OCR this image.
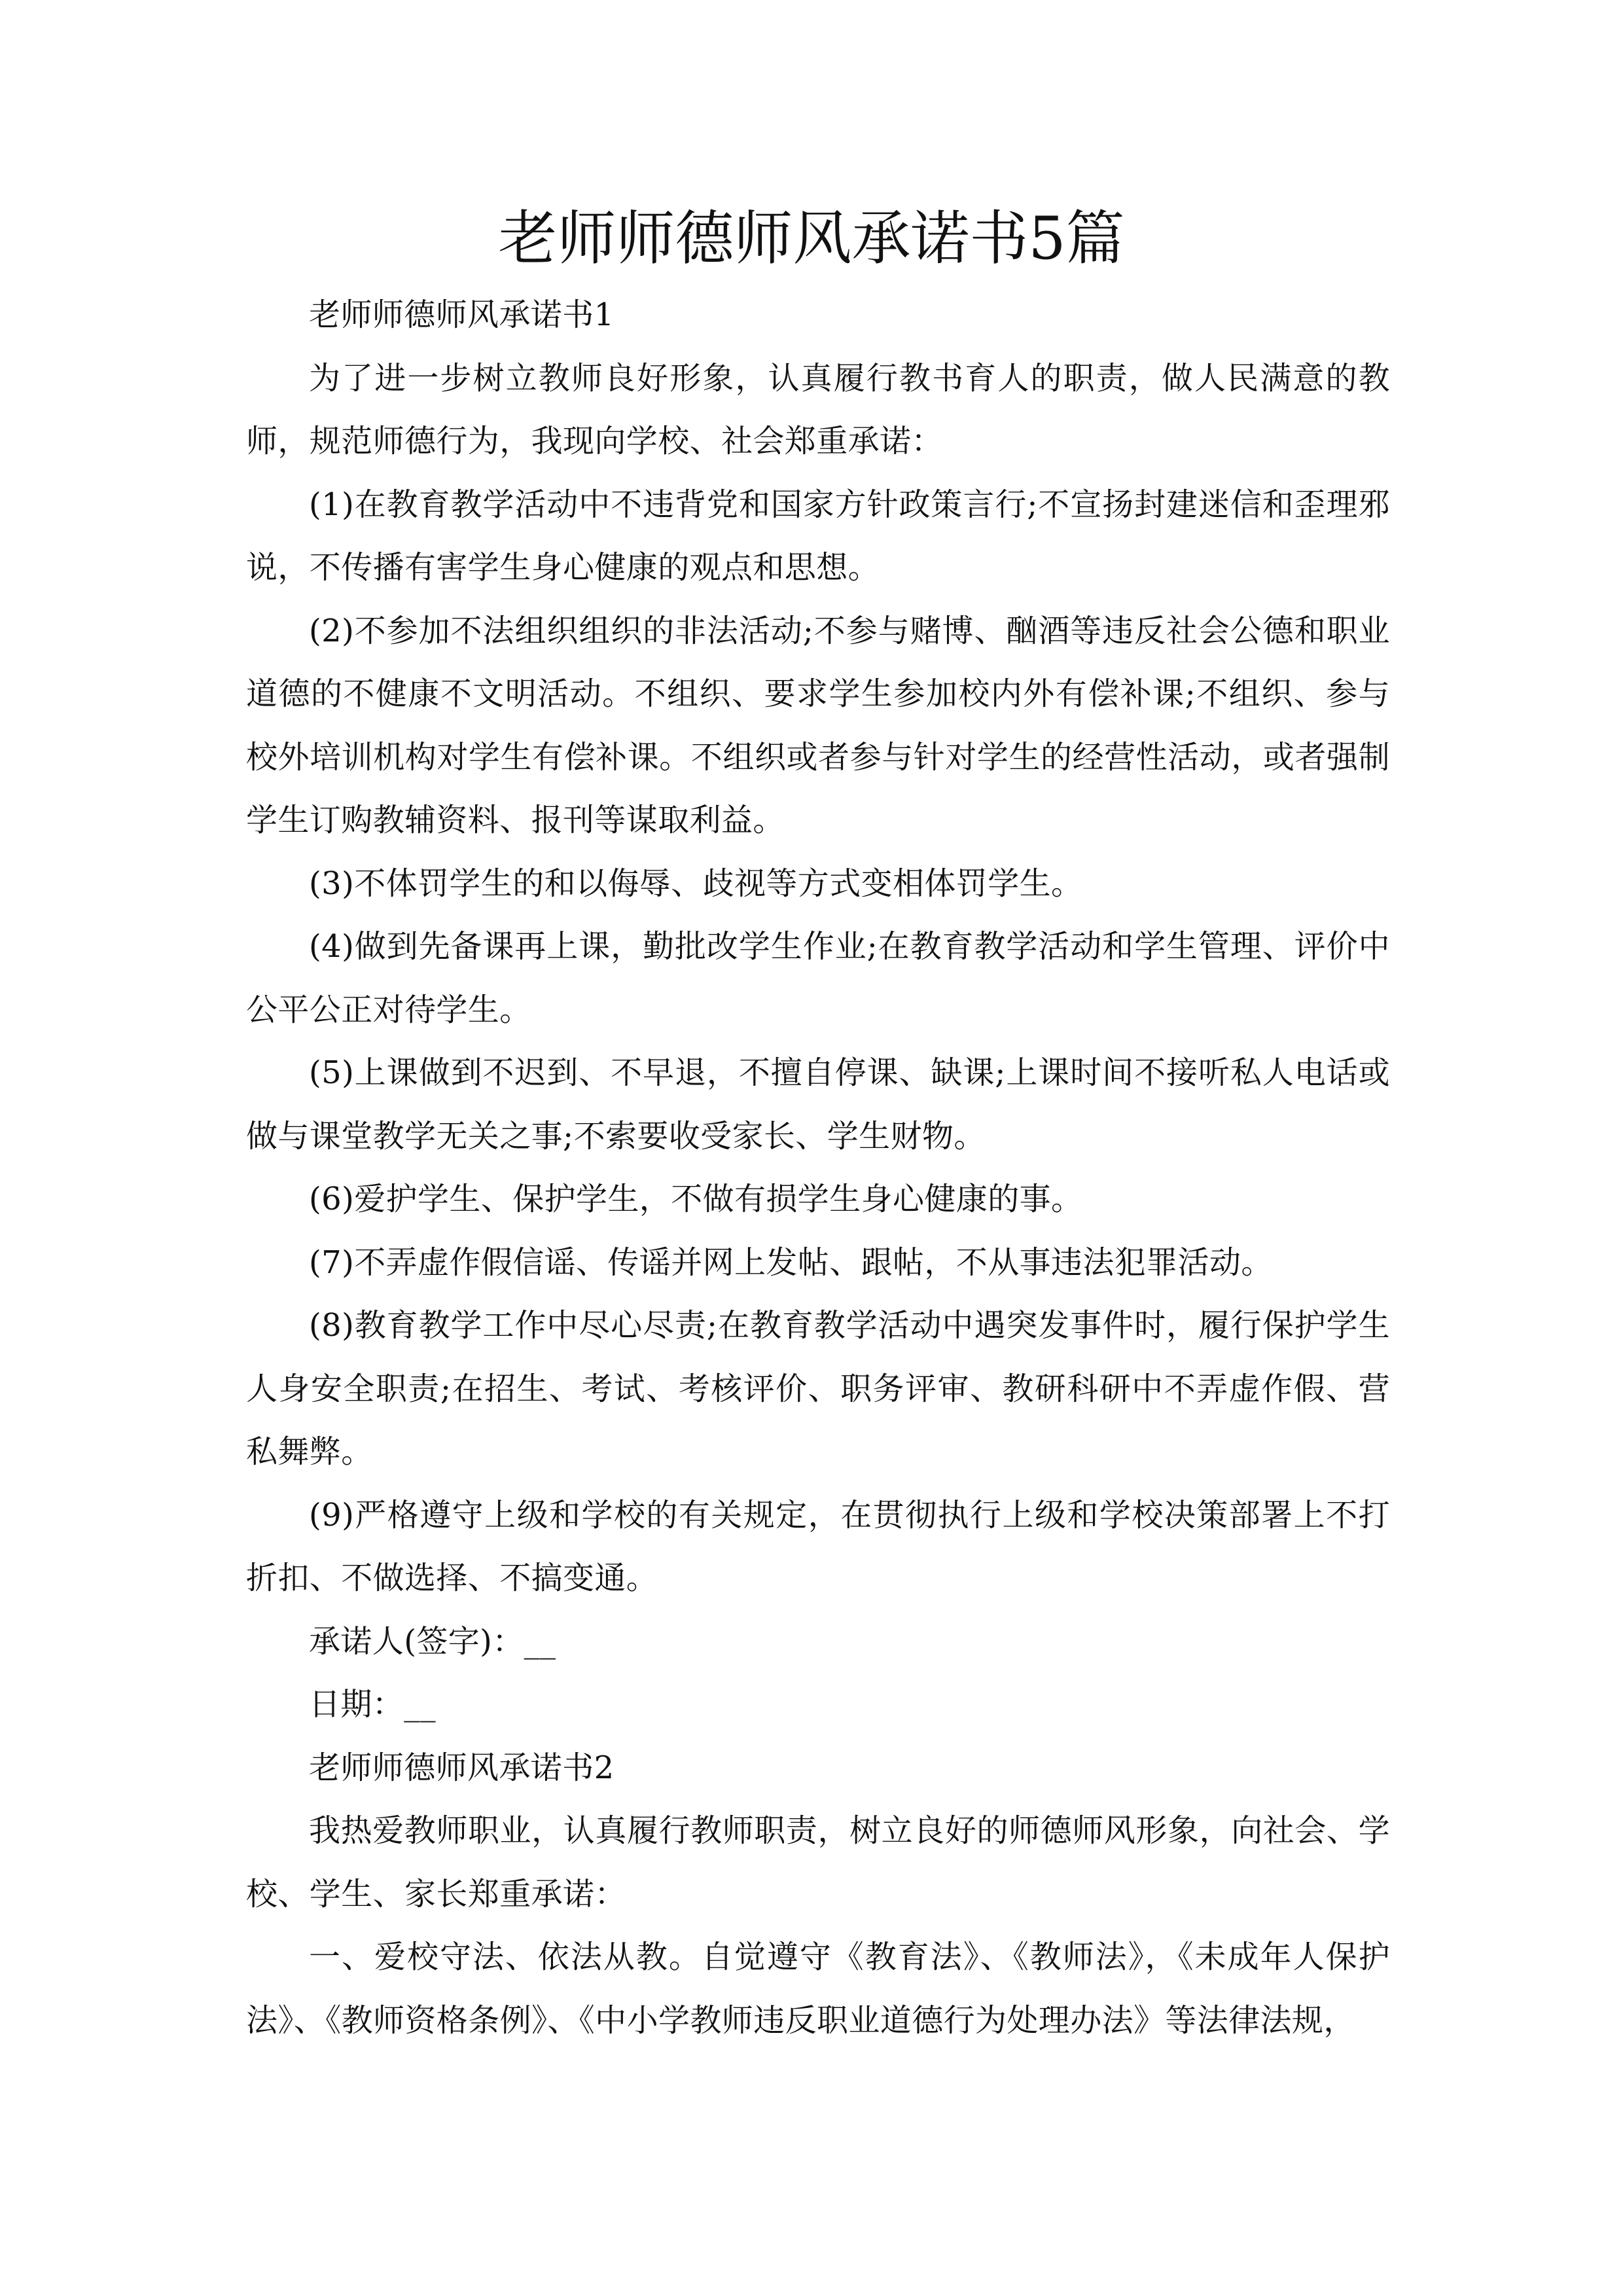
老师师德师风承诺书5篇

老师师德师风承诺书1

为了进一步树立教师良好形象，认真履行教书育人的职责，做人民满意的教师，规范师德行为，我现向学校、社会郑重承诺：

(1)在教育教学活动中不违背党和国家方针政策言行;不宣扬封建迷信和歪理邪说，不传播有害学生身心健康的观点和思想。

(2)不参加不法组织组织的非法活动;不参与赌博、酗酒等违反社会公德和职业道德的不健康不文明活动。不组织、要求学生参加校内外有偿补课;不组织、参与校外培训机构对学生有偿补课。不组织或者参与针对学生的经营性活动，或者强制学生订购教辅资料、报刊等谋取利益。

(3)不体罚学生的和以侮辱、歧视等方式变相体罚学生。

(4)做到先备课再上课，勤批改学生作业;在教育教学活动和学生管理、评价中公平公正对待学生。

(5)上课做到不迟到、不早退，不擅自停课、缺课;上课时间不接听私人电话或做与课堂教学无关之事;不索要收受家长、学生财物。

(6)爱护学生、保护学生，不做有损学生身心健康的事。

(7)不弄虚作假信谣、传谣并网上发帖、跟帖，不从事违法犯罪活动。

(8)教育教学工作中尽心尽责;在教育教学活动中遇突发事件时，履行保护学生人身安全职责;在招生、考试、考核评价、职务评审、教研科研中不弄虚作假、营私舞弊。

(9)严格遵守上级和学校的有关规定，在贯彻执行上级和学校决策部署上不打折扣、不做选择、不搞变通。

承诺人(签字)：__

日期：__

老师师德师风承诺书2

我热爱教师职业，认真履行教师职责，树立良好的师德师风形象，向社会、学校、学生、家长郑重承诺：

一、爱校守法、依法从教。自觉遵守《教育法》、《教师法》，《未成年人保护法》、《教师资格条例》、《中小学教师违反职业道德行为处理办法》等法律法规，
